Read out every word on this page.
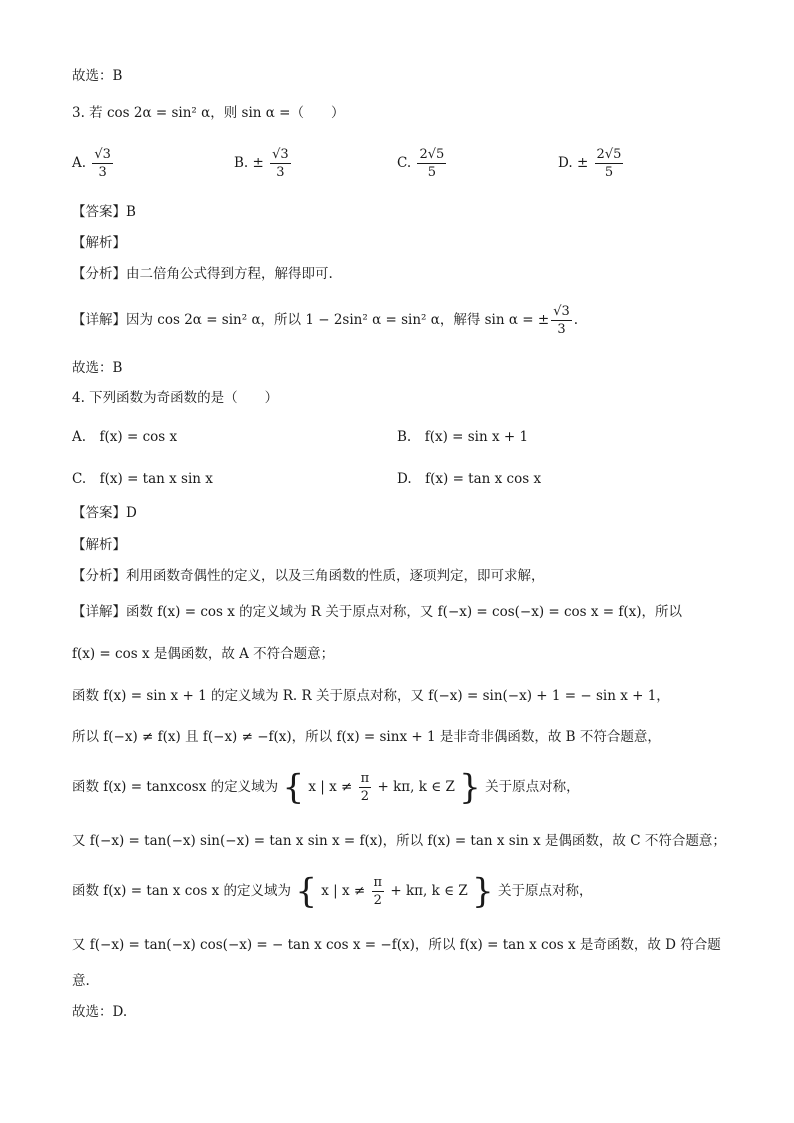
故选：B
3. 若 cos 2α = sin² α，则 sin α =（　　）
A. $\frac{√3}{3}$	B. ± $\frac{√3}{3}$	C. $\frac{2√5}{5}$	D. ± $\frac{2√5}{5}$
【答案】B
【解析】
【分析】由二倍角公式得到方程，解得即可.
【详解】因为 cos 2α = sin² α，所以 1 − 2sin² α = sin² α，解得 sin α = ± $\frac{√3}{3}$ .
故选：B
4. 下列函数为奇函数的是（　　）
A.　f(x) = cos x	B.　f(x) = sin x + 1
C.　f(x) = tan x sin x	D.　f(x) = tan x cos x
【答案】D
【解析】
【分析】利用函数奇偶性的定义，以及三角函数的性质，逐项判定，即可求解，
【详解】函数 f(x) = cos x 的定义域为 R 关于原点对称，又 f(−x) = cos(−x) = cos x = f(x)，所以
f(x) = cos x 是偶函数，故 A 不符合题意；
函数 f(x) = sin x + 1 的定义域为 R. R 关于原点对称，又 f(−x) = sin(−x) + 1 = − sin x + 1，
所以 f(−x) ≠ f(x) 且 f(−x) ≠ −f(x)，所以 f(x) = sinx + 1 是非奇非偶函数，故 B 不符合题意，
函数 f(x) = tanxcosx 的定义域为 { x | $x \ne \frac{\pi}{2} + k\pi$, k ∈ Z } 关于原点对称，
又 f(−x) = tan(−x) sin(−x) = tan x sin x = f(x)，所以 f(x) = tan x sin x 是偶函数，故 C 不符合题意；
函数 f(x) = tan x cos x 的定义域为 { x | $x \ne \frac{\pi}{2} + k\pi$, k ∈ Z } 关于原点对称，
又 f(−x) = tan(−x) cos(−x) = − tan x cos x = −f(x)，所以 f(x) = tan x cos x 是奇函数，故 D 符合题
意.
故选：D.
